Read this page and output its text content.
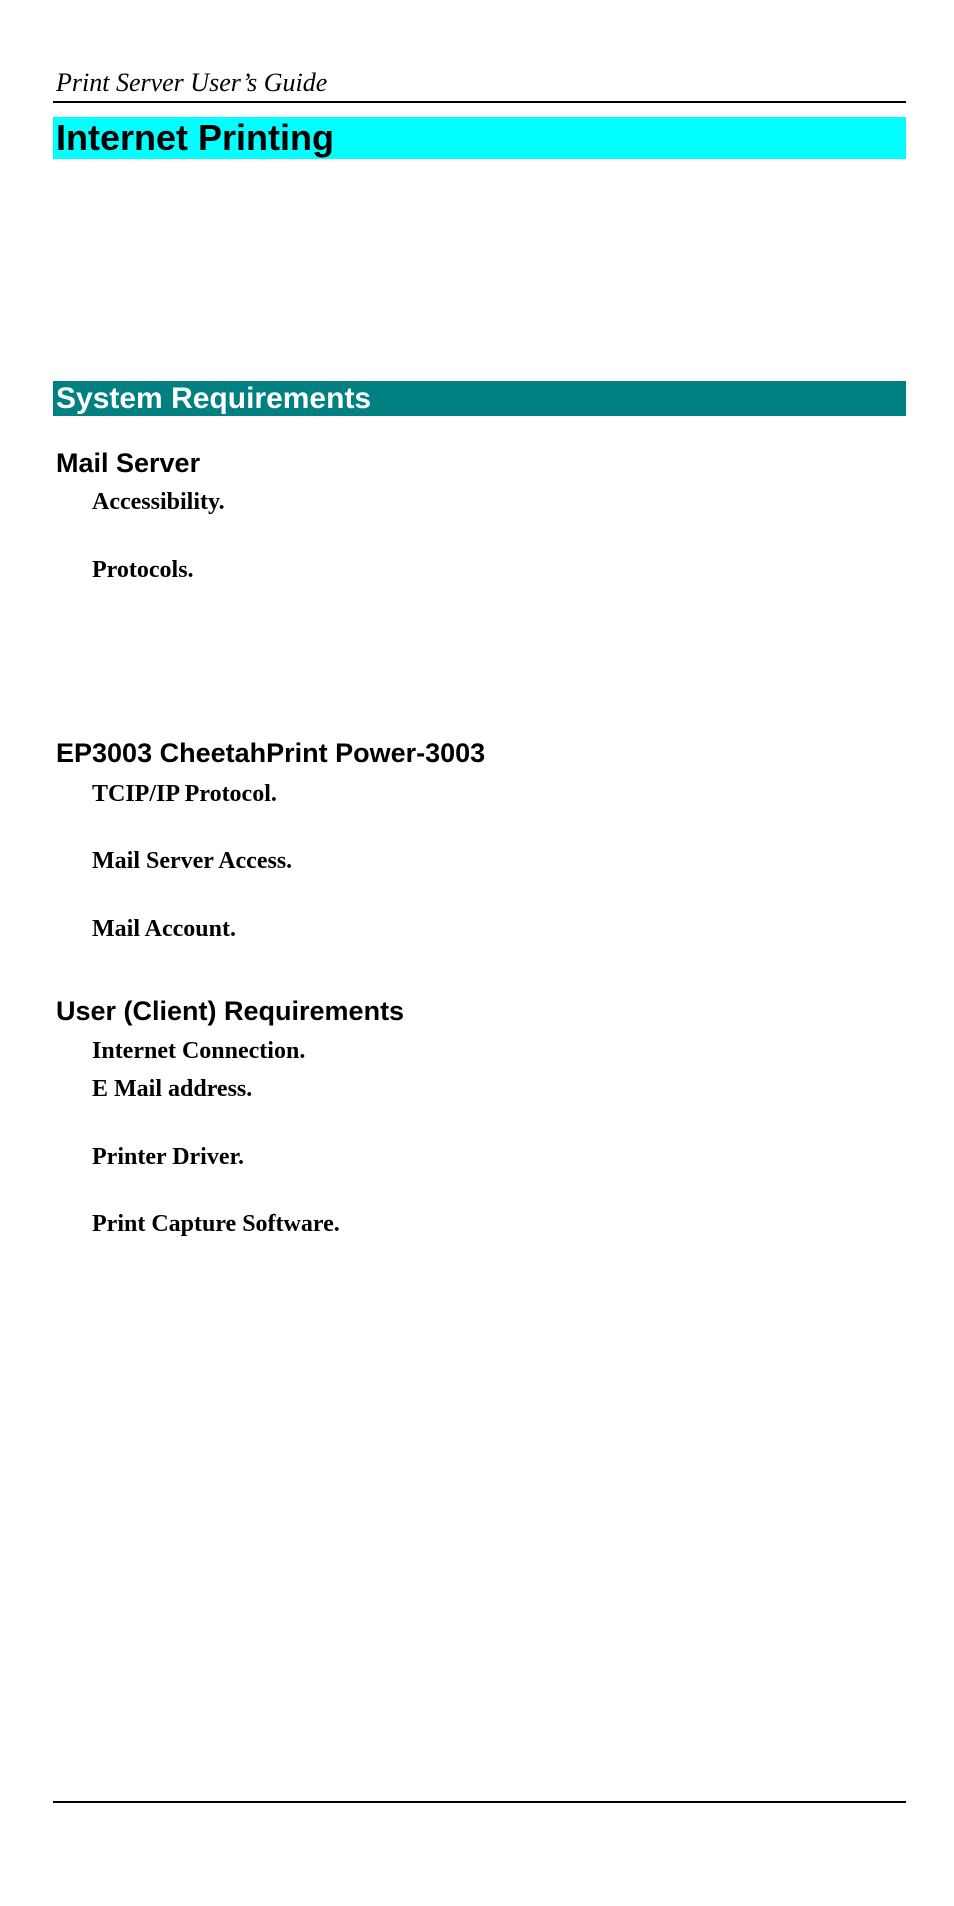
Print Server User’s Guide
Internet Printing
System Requirements
Mail Server
Accessibility.
Protocols.
EP3003 CheetahPrint Power-3003
TCIP/IP Protocol.
Mail Server Access.
Mail Account.
User (Client) Requirements
Internet Connection.
E Mail address.
Printer Driver.
Print Capture Software.
